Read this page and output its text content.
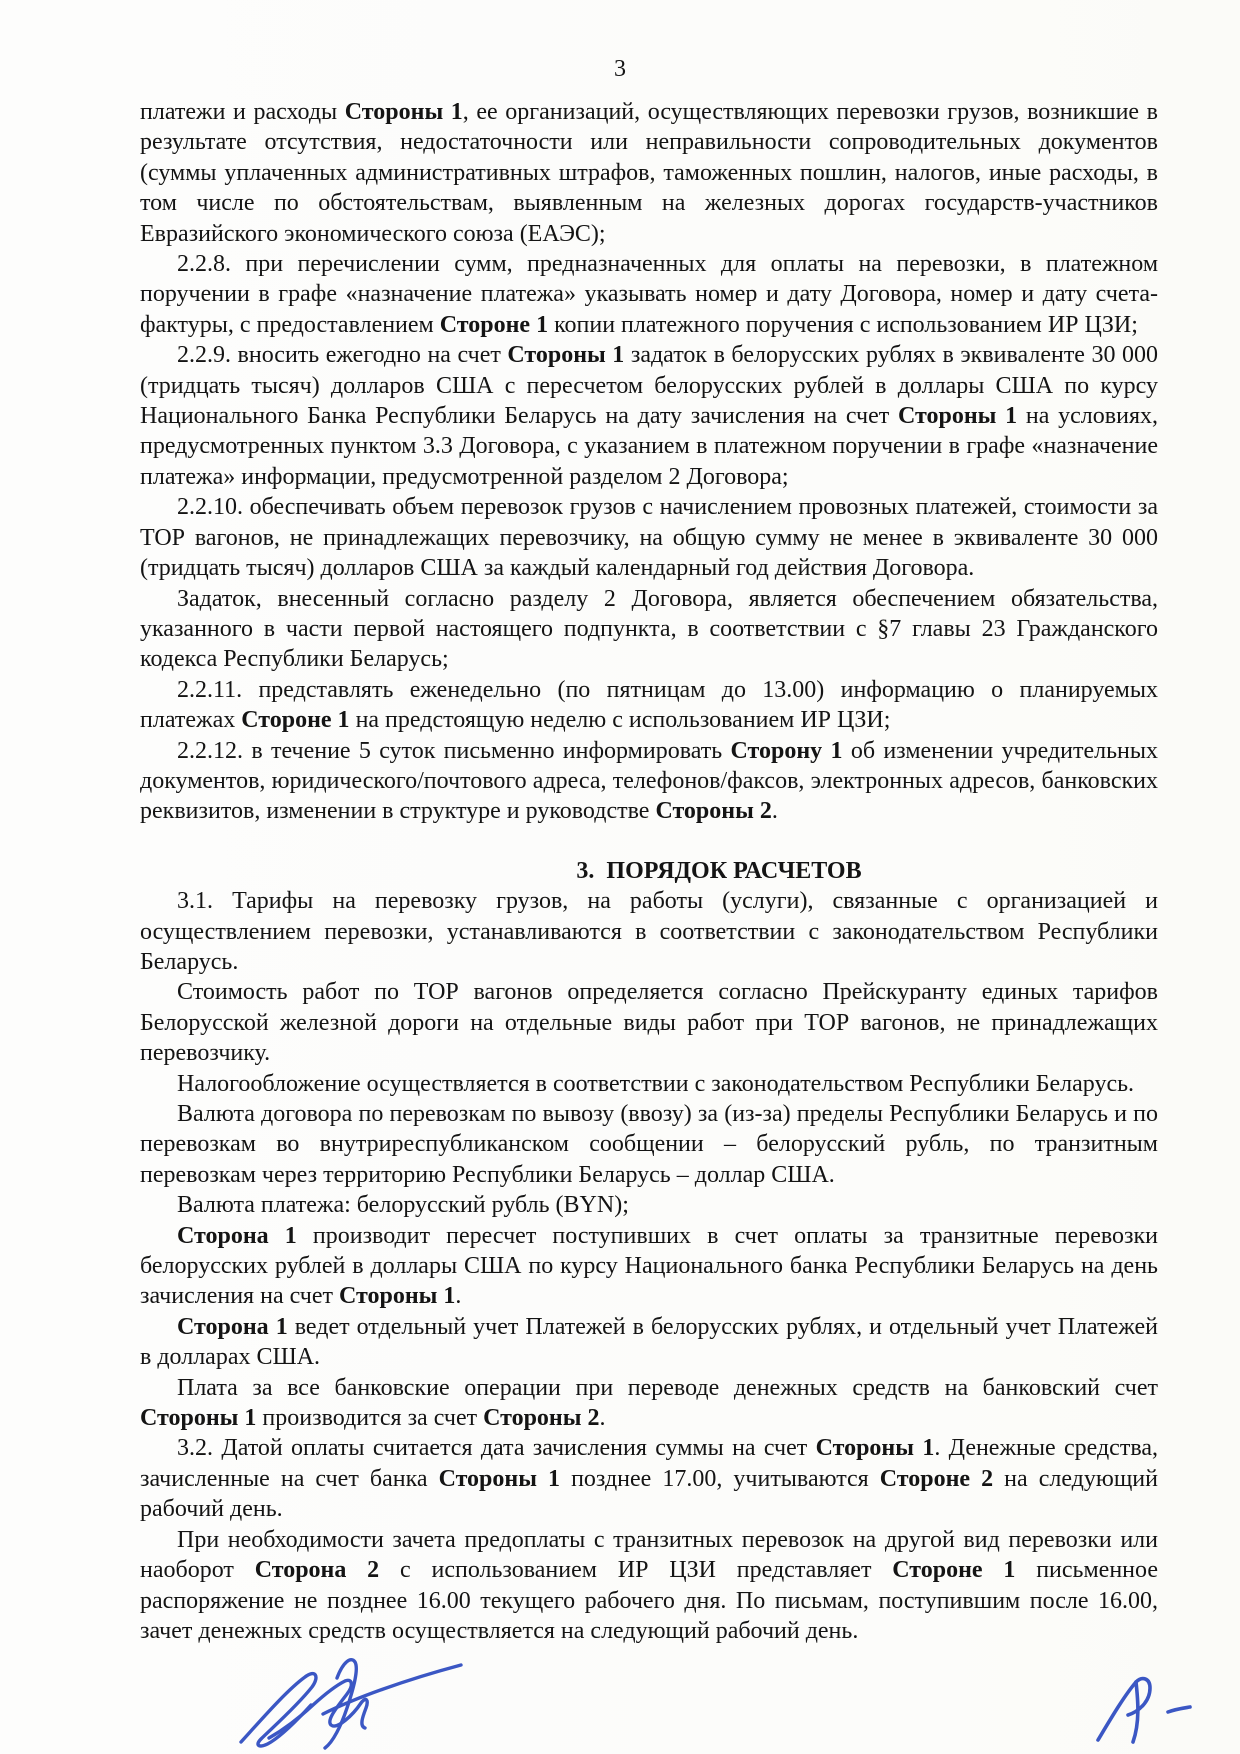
3

платежи и расходы Стороны 1, ее организаций, осуществляющих перевозки грузов, возникшие в результате отсутствия, недостаточности или неправильности сопроводительных документов (суммы уплаченных административных штрафов, таможенных пошлин, налогов, иные расходы, в том числе по обстоятельствам, выявленным на железных дорогах государств-участников Евразийского экономического союза (ЕАЭС);

2.2.8. при перечислении сумм, предназначенных для оплаты на перевозки, в платежном поручении в графе «назначение платежа» указывать номер и дату Договора, номер и дату счета-фактуры, с предоставлением Стороне 1 копии платежного поручения с использованием ИР ЦЗИ;

2.2.9. вносить ежегодно на счет Стороны 1 задаток в белорусских рублях в эквиваленте 30 000 (тридцать тысяч) долларов США с пересчетом белорусских рублей в доллары США по курсу Национального Банка Республики Беларусь на дату зачисления на счет Стороны 1 на условиях, предусмотренных пунктом 3.3 Договора, с указанием в платежном поручении в графе «назначение платежа» информации, предусмотренной разделом 2 Договора;

2.2.10. обеспечивать объем перевозок грузов с начислением провозных платежей, стоимости за ТОР вагонов, не принадлежащих перевозчику, на общую сумму не менее в эквиваленте 30 000 (тридцать тысяч) долларов США за каждый календарный год действия Договора.

Задаток, внесенный согласно разделу 2 Договора, является обеспечением обязательства, указанного в части первой настоящего подпункта, в соответствии с §7 главы 23 Гражданского кодекса Республики Беларусь;

2.2.11. представлять еженедельно (по пятницам до 13.00) информацию о планируемых платежах Стороне 1 на предстоящую неделю с использованием ИР ЦЗИ;

2.2.12. в течение 5 суток письменно информировать Сторону 1 об изменении учредительных документов, юридического/почтового адреса, телефонов/факсов, электронных адресов, банковских реквизитов, изменении в структуре и руководстве Стороны 2.

3. ПОРЯДОК РАСЧЕТОВ

3.1. Тарифы на перевозку грузов, на работы (услуги), связанные с организацией и осуществлением перевозки, устанавливаются в соответствии с законодательством Республики Беларусь.

Стоимость работ по ТОР вагонов определяется согласно Прейскуранту единых тарифов Белорусской железной дороги на отдельные виды работ при ТОР вагонов, не принадлежащих перевозчику.

Налогообложение осуществляется в соответствии с законодательством Республики Беларусь.

Валюта договора по перевозкам по вывозу (ввозу) за (из-за) пределы Республики Беларусь и по перевозкам во внутриреспубликанском сообщении – белорусский рубль, по транзитным перевозкам через территорию Республики Беларусь – доллар США.

Валюта платежа: белорусский рубль (BYN);

Сторона 1 производит пересчет поступивших в счет оплаты за транзитные перевозки белорусских рублей в доллары США по курсу Национального банка Республики Беларусь на день зачисления на счет Стороны 1.

Сторона 1 ведет отдельный учет Платежей в белорусских рублях, и отдельный учет Платежей в долларах США.

Плата за все банковские операции при переводе денежных средств на банковский счет Стороны 1 производится за счет Стороны 2.

3.2. Датой оплаты считается дата зачисления суммы на счет Стороны 1. Денежные средства, зачисленные на счет банка Стороны 1 позднее 17.00, учитываются Стороне 2 на следующий рабочий день.

При необходимости зачета предоплаты с транзитных перевозок на другой вид перевозки или наоборот Сторона 2 с использованием ИР ЦЗИ представляет Стороне 1 письменное распоряжение не позднее 16.00 текущего рабочего дня. По письмам, поступившим после 16.00, зачет денежных средств осуществляется на следующий рабочий день.
